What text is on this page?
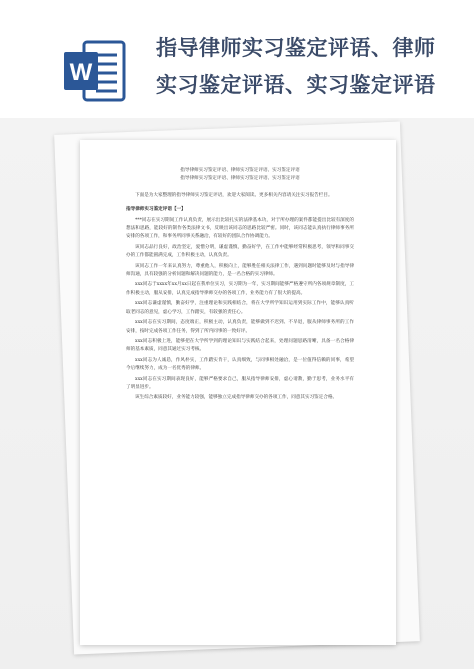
W
指导律师实习鉴定评语、律师
实习鉴定评语、实习鉴定评语

指导律师实习鉴定评语、律师实习鉴定评语、实习鉴定评语

指导律师实习鉴定评语、律师实习鉴定评语、实习鉴定评语

下面是为大家整理的指导律师实习鉴定评语，欢迎大家阅读。更多相关内容请关注实习报告栏目。

指导律师实习鉴定评语【一】

***同志在实习期间工作认真负责，展示出比较扎实的法律基本功，对于所办理的案件都能提出比较有深度的想法和思路，能较好的制作各类法律文书，反映出该同志的思路比较严密。同时，该同志能认真执行律师事务所安排的各项工作，和事务所同事关系融洽，有较好的团队合作协调能力。

该同志品行良好，政治坚定，爱憎分明，谦虚谨慎，勤奋好学，在工作中能够经常积极思考，领导和同事交办的工作都能圆满完成，工作积极主动，认真负责。

该同志工作一年来认真努力，尊重他人，积极向上，能够胜任相关法律工作，遇到问题时能够及时与指导律师沟通，具有较强的分析问题和解决问题的能力，是一名合格的实习律师。

xxx同志于xxxx年xx月xx日起在我单位实习，实习期为一年，实习期间能够严格遵守所内各项规章制度，工作积极主动，服从安排，认真完成指导律师交办的各项工作，业务能力有了很大的提高。

xxx同志谦虚谨慎，勤奋好学，注重理论和实践相结合，将在大学所学知识运用到实际工作中，能够认真听取老同志的意见，虚心学习，工作踏实，有较强的责任心。

xxx同志在实习期间，态度端正，积极主动，认真负责，能够做到不迟到、不早退，服从律师事务所的工作安排，按时完成各项工作任务，得到了所内同事的一致好评。

xxx同志积极上进，能够把在大学所学到的理论知识与实践结合起来，处理问题思路清晰，具备一名合格律师的基本素质，同意其通过实习考核。

xxx同志为人诚恳，作风朴实，工作踏实肯干，认真细致，与同事相处融洽，是一位值得信赖的同事，希望今后继续努力，成为一名优秀的律师。

xxx同志在实习期间表现良好，能够严格要求自己，服从指导律师安排，虚心请教，勤于思考，业务水平有了明显进步。

该生综合素质较好，业务能力较强，能够独立完成指导律师交办的各项工作，同意其实习鉴定合格。
